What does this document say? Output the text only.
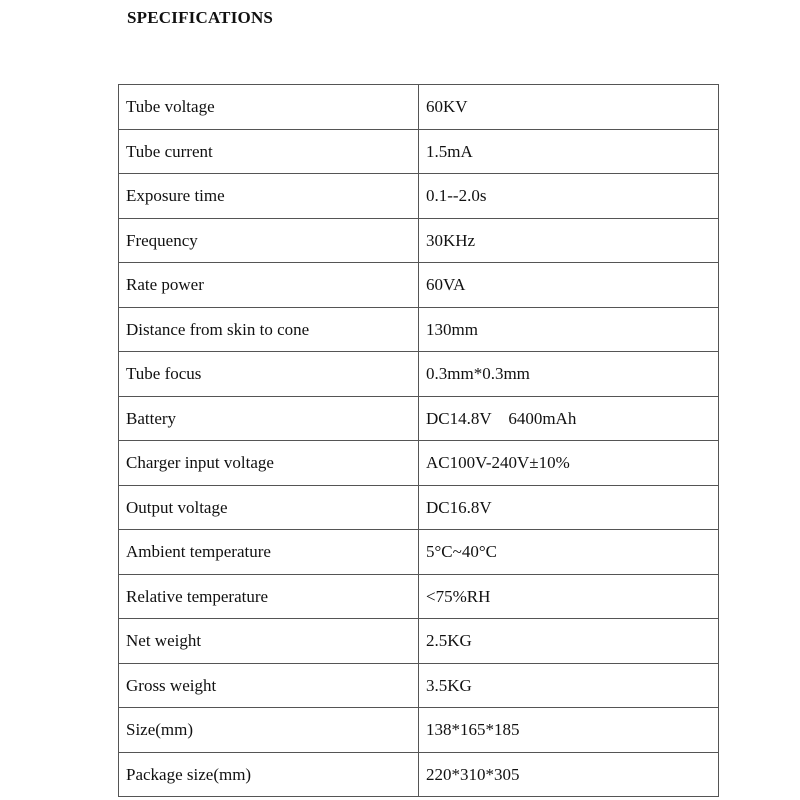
SPECIFICATIONS
Tube voltage	60KV
Tube current	1.5mA
Exposure time	0.1--2.0s
Frequency	30KHz
Rate power	60VA
Distance from skin to cone	130mm
Tube focus	0.3mm*0.3mm
Battery	DC14.8V    6400mAh
Charger input voltage	AC100V-240V±10%
Output voltage	DC16.8V
Ambient temperature	5°C~40°C
Relative temperature	<75%RH
Net weight	2.5KG
Gross weight	3.5KG
Size(mm)	138*165*185
Package size(mm)	220*310*305
